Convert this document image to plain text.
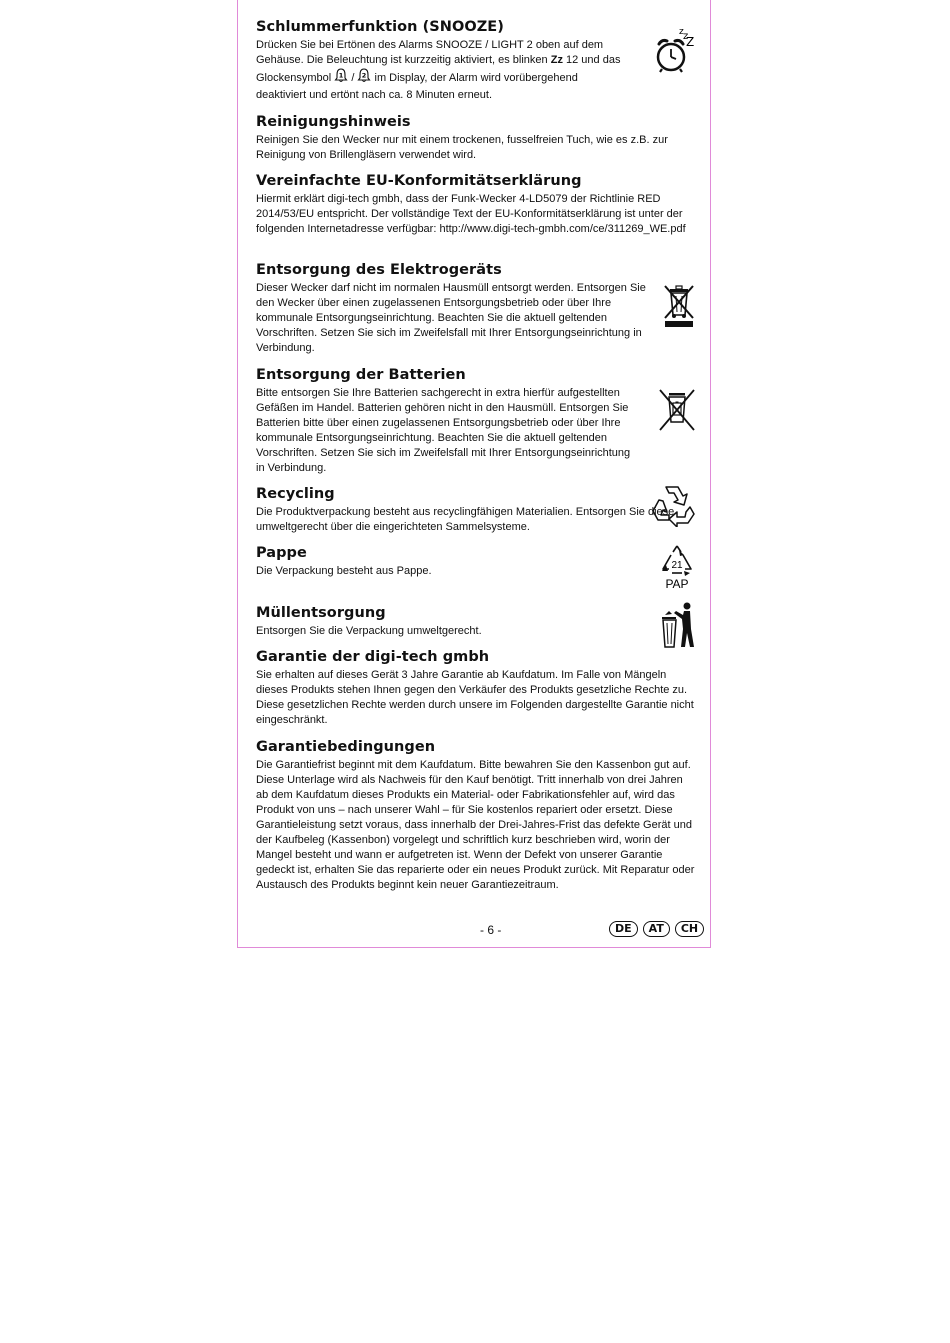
Schlummerfunktion (SNOOZE)

Drücken Sie bei Ertönen des Alarms SNOOZE / LIGHT 2 oben auf dem Gehäuse. Die Beleuchtung ist kurzzeitig aktiviert, es blinken Zz 12 und das Glockensymbol 1 / 2 im Display, der Alarm wird vorübergehend deaktiviert und ertönt nach ca. 8 Minuten erneut.

z z
Z
Reinigungshinweis

Reinigen Sie den Wecker nur mit einem trockenen, fusselfreien Tuch, wie es z.B. zur Reinigung von Brillengläsern verwendet wird.

Vereinfachte EU-Konformitätserklärung

Hiermit erklärt digi-tech gmbh, dass der Funk-Wecker 4-LD5079 der Richtlinie RED 2014/53/EU entspricht. Der vollständige Text der EU-Konformitätserklärung ist unter der folgenden Internetadresse verfügbar: http://www.digi-tech-gmbh.com/ce/311269_WE.pdf

Entsorgung des Elektrogeräts

Dieser Wecker darf nicht im normalen Hausmüll entsorgt werden. Entsorgen Sie den Wecker über einen zugelassenen Entsorgungsbetrieb oder über Ihre kommunale Entsorgungseinrichtung. Beachten Sie die aktuell geltenden Vorschriften. Setzen Sie sich im Zweifelsfall mit Ihrer Entsorgungseinrichtung in Verbindung.

Entsorgung der Batterien

Bitte entsorgen Sie Ihre Batterien sachgerecht in extra hierfür aufgestellten Gefäßen im Handel. Batterien gehören nicht in den Hausmüll. Entsorgen Sie Batterien bitte über einen zugelassenen Entsorgungsbetrieb oder über Ihre kommunale Entsorgungseinrichtung. Beachten Sie die aktuell geltenden Vorschriften. Setzen Sie sich im Zweifelsfall mit Ihrer Entsorgungseinrichtung in Verbindung.

Recycling

Die Produktverpackung besteht aus recyclingfähigen Materialien. Entsorgen Sie diese umweltgerecht über die eingerichteten Sammelsysteme.

Pappe

Die Verpackung besteht aus Pappe.	21
PAP
Müllentsorgung

Entsorgen Sie die Verpackung umweltgerecht.

Garantie der digi-tech gmbh

Sie erhalten auf dieses Gerät 3 Jahre Garantie ab Kaufdatum. Im Falle von Mängeln dieses Produkts stehen Ihnen gegen den Verkäufer des Produkts gesetzliche Rechte zu. Diese gesetzlichen Rechte werden durch unsere im Folgenden dargestellte Garantie nicht eingeschränkt.

Garantiebedingungen

Die Garantiefrist beginnt mit dem Kaufdatum. Bitte bewahren Sie den Kassenbon gut auf. Diese Unterlage wird als Nachweis für den Kauf benötigt. Tritt innerhalb von drei Jahren ab dem Kaufdatum dieses Produkts ein Material- oder Fabrikationsfehler auf, wird das Produkt von uns – nach unserer Wahl – für Sie kostenlos repariert oder ersetzt. Diese Garantieleistung setzt voraus, dass innerhalb der Drei-Jahres-Frist das defekte Gerät und der Kaufbeleg (Kassenbon) vorgelegt und schriftlich kurz beschrieben wird, worin der Mangel besteht und wann er aufgetreten ist. Wenn der Defekt von unserer Garantie gedeckt ist, erhalten Sie das reparierte oder ein neues Produkt zurück. Mit Reparatur oder Austausch des Produkts beginnt kein neuer Garantiezeitraum.

- 6 -	DE	AT	CH
